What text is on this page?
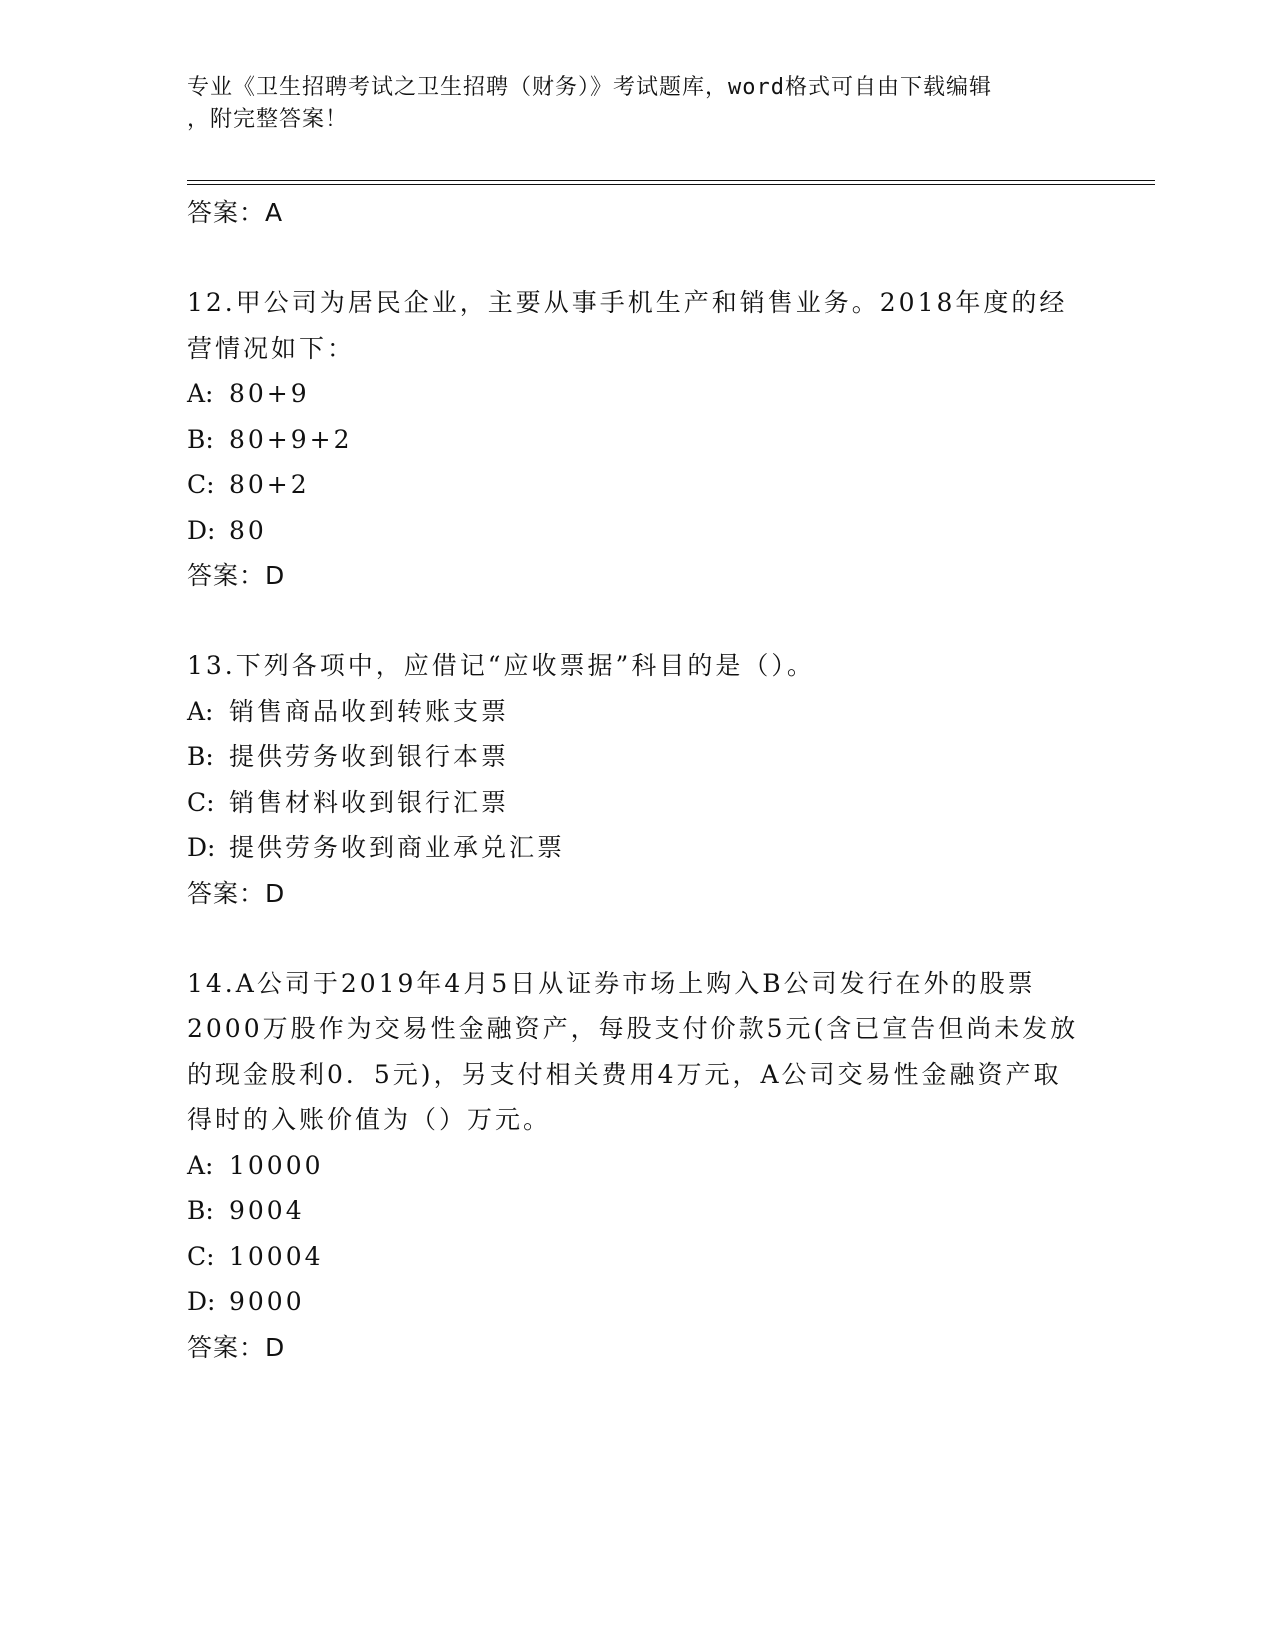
专业《卫生招聘考试之卫生招聘（财务）》考试题库，word格式可自由下载编辑
，附完整答案！
答案：A
12.甲公司为居民企业，主要从事手机生产和销售业务。2018年度的经营情况如下：
A: 80+9
B: 80+9+2
C: 80+2
D: 80
答案：D
13.下列各项中，应借记“应收票据”科目的是（）。
A: 销售商品收到转账支票
B: 提供劳务收到银行本票
C: 销售材料收到银行汇票
D: 提供劳务收到商业承兑汇票
答案：D
14.A公司于2019年4月5日从证券市场上购入B公司发行在外的股票2000万股作为交易性金融资产，每股支付价款5元(含已宣告但尚未发放的现金股利0．5元)，另支付相关费用4万元，A公司交易性金融资产取得时的入账价值为（）万元。
A: 10000
B: 9004
C: 10004
D: 9000
答案：D
